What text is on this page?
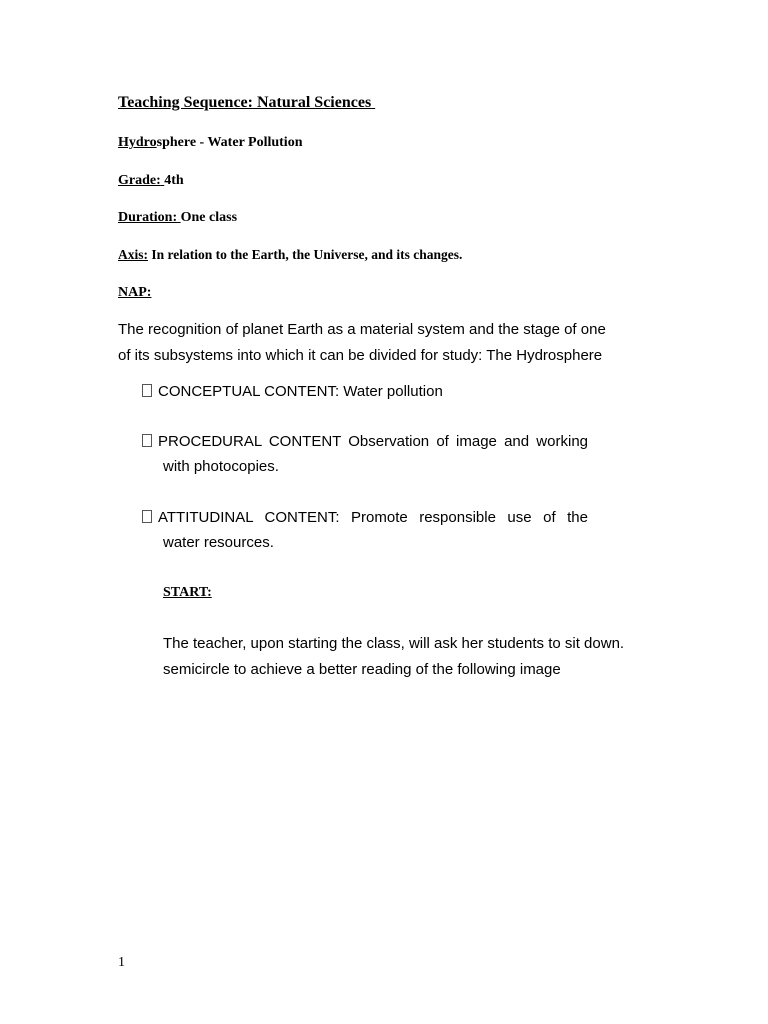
Teaching Sequence: Natural Sciences
Hydrosphere - Water Pollution
Grade: 4th
Duration: One class
Axis: In relation to the Earth, the Universe, and its changes.
NAP:
The recognition of planet Earth as a material system and the stage of one
of its subsystems into which it can be divided for study: The Hydrosphere
CONCEPTUAL CONTENT: Water pollution
PROCEDURAL CONTENT Observation of image and working
with photocopies.
ATTITUDINAL CONTENT: Promote responsible use of the
water resources.
START:
The teacher, upon starting the class, will ask her students to sit down.
semicircle to achieve a better reading of the following image
1
